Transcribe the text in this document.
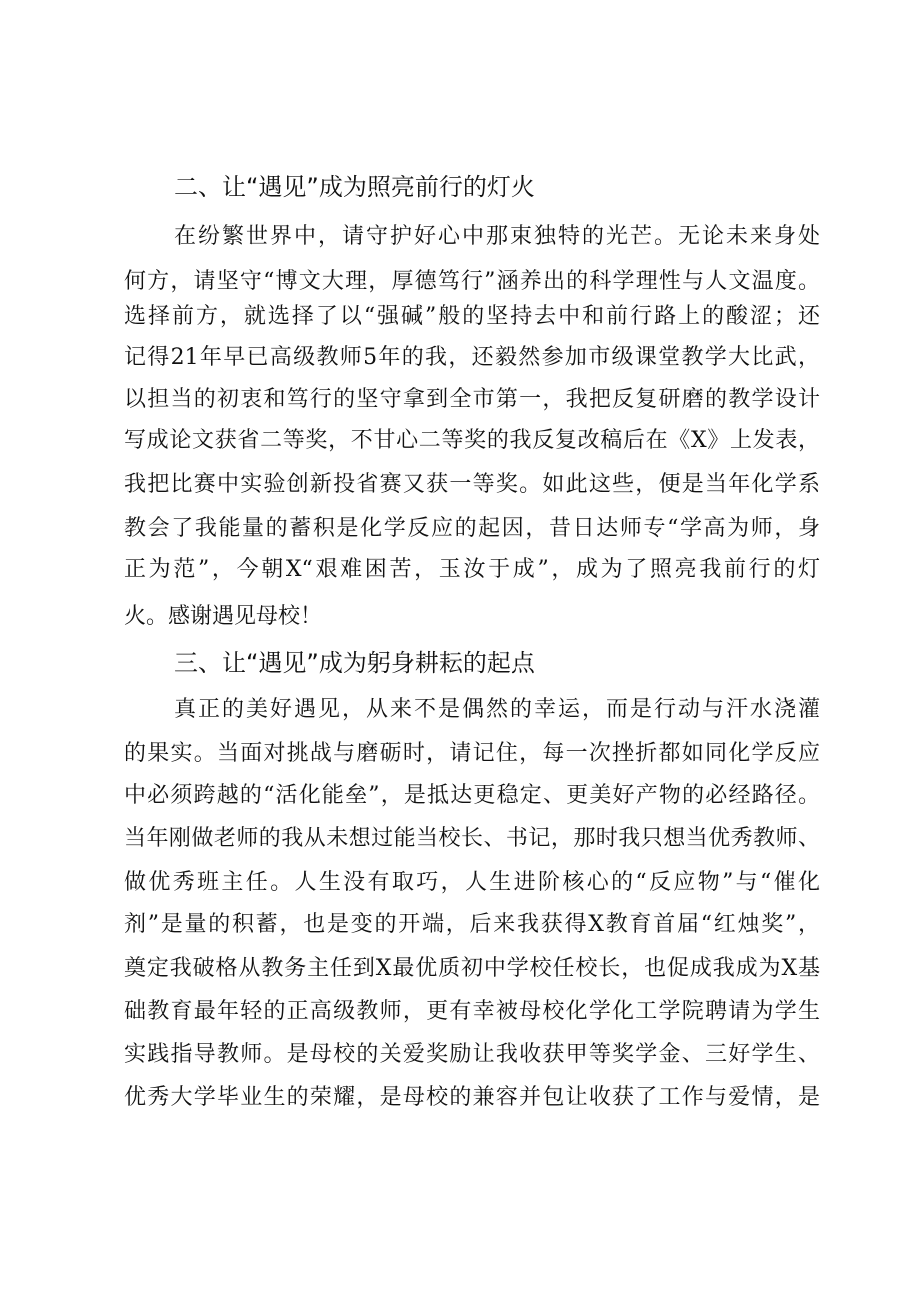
二、让“遇见”成为照亮前行的灯火
在纷繁世界中，请守护好心中那束独特的光芒。无论未来身处
何方，请坚守“博文大理，厚德笃行”涵养出的科学理性与人文温度。
选择前方，就选择了以“强碱”般的坚持去中和前行路上的酸涩；还
记得21年早已高级教师5年的我，还毅然参加市级课堂教学大比武，
以担当的初衷和笃行的坚守拿到全市第一，我把反复研磨的教学设计
写成论文获省二等奖，不甘心二等奖的我反复改稿后在《X》上发表，
我把比赛中实验创新投省赛又获一等奖。如此这些，便是当年化学系
教会了我能量的蓄积是化学反应的起因，昔日达师专“学高为师，身
正为范”，今朝X“艰难困苦，玉汝于成”，成为了照亮我前行的灯
火。感谢遇见母校！
三、让“遇见”成为躬身耕耘的起点
真正的美好遇见，从来不是偶然的幸运，而是行动与汗水浇灌
的果实。当面对挑战与磨砺时，请记住，每一次挫折都如同化学反应
中必须跨越的“活化能垒”，是抵达更稳定、更美好产物的必经路径。
当年刚做老师的我从未想过能当校长、书记，那时我只想当优秀教师、
做优秀班主任。人生没有取巧，人生进阶核心的“反应物”与“催化
剂”是量的积蓄，也是变的开端，后来我获得X教育首届“红烛奖”，
奠定我破格从教务主任到X最优质初中学校任校长，也促成我成为X基
础教育最年轻的正高级教师，更有幸被母校化学化工学院聘请为学生
实践指导教师。是母校的关爱奖励让我收获甲等奖学金、三好学生、
优秀大学毕业生的荣耀，是母校的兼容并包让收获了工作与爱情，是
